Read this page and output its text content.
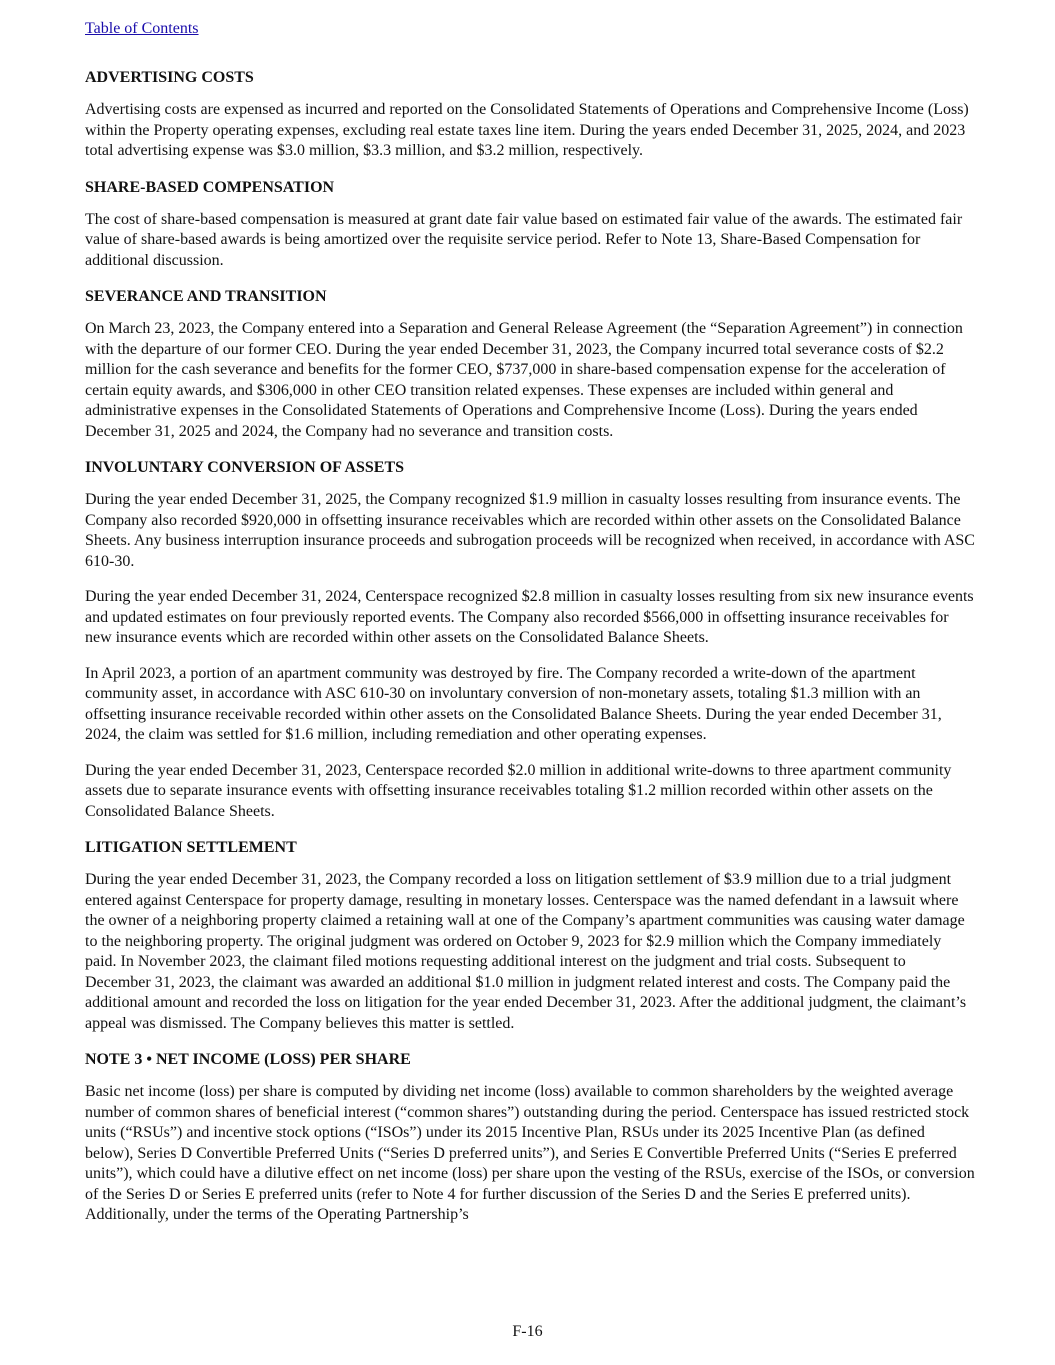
Table of Contents
ADVERTISING COSTS

Advertising costs are expensed as incurred and reported on the Consolidated Statements of Operations and Comprehensive Income (Loss) within the Property operating expenses, excluding real estate taxes line item. During the years ended December 31, 2025, 2024, and 2023 total advertising expense was $3.0 million, $3.3 million, and $3.2 million, respectively.

SHARE-BASED COMPENSATION

The cost of share-based compensation is measured at grant date fair value based on estimated fair value of the awards. The estimated fair value of share-based awards is being amortized over the requisite service period. Refer to Note 13, Share-Based Compensation for additional discussion.

SEVERANCE AND TRANSITION

On March 23, 2023, the Company entered into a Separation and General Release Agreement (the “Separation Agreement”) in connection with the departure of our former CEO. During the year ended December 31, 2023, the Company incurred total severance costs of $2.2 million for the cash severance and benefits for the former CEO, $737,000 in share-based compensation expense for the acceleration of certain equity awards, and $306,000 in other CEO transition related expenses. These expenses are included within general and administrative expenses in the Consolidated Statements of Operations and Comprehensive Income (Loss). During the years ended December 31, 2025 and 2024, the Company had no severance and transition costs.

INVOLUNTARY CONVERSION OF ASSETS

During the year ended December 31, 2025, the Company recognized $1.9 million in casualty losses resulting from insurance events. The Company also recorded $920,000 in offsetting insurance receivables which are recorded within other assets on the Consolidated Balance Sheets. Any business interruption insurance proceeds and subrogation proceeds will be recognized when received, in accordance with ASC 610-30.

During the year ended December 31, 2024, Centerspace recognized $2.8 million in casualty losses resulting from six new insurance events and updated estimates on four previously reported events. The Company also recorded $566,000 in offsetting insurance receivables for new insurance events which are recorded within other assets on the Consolidated Balance Sheets.

In April 2023, a portion of an apartment community was destroyed by fire. The Company recorded a write-down of the apartment community asset, in accordance with ASC 610-30 on involuntary conversion of non-monetary assets, totaling $1.3 million with an offsetting insurance receivable recorded within other assets on the Consolidated Balance Sheets. During the year ended December 31, 2024, the claim was settled for $1.6 million, including remediation and other operating expenses.

During the year ended December 31, 2023, Centerspace recorded $2.0 million in additional write-downs to three apartment community assets due to separate insurance events with offsetting insurance receivables totaling $1.2 million recorded within other assets on the Consolidated Balance Sheets.

LITIGATION SETTLEMENT

During the year ended December 31, 2023, the Company recorded a loss on litigation settlement of $3.9 million due to a trial judgment entered against Centerspace for property damage, resulting in monetary losses. Centerspace was the named defendant in a lawsuit where the owner of a neighboring property claimed a retaining wall at one of the Company’s apartment communities was causing water damage to the neighboring property. The original judgment was ordered on October 9, 2023 for $2.9 million which the Company immediately paid. In November 2023, the claimant filed motions requesting additional interest on the judgment and trial costs. Subsequent to December 31, 2023, the claimant was awarded an additional $1.0 million in judgment related interest and costs. The Company paid the additional amount and recorded the loss on litigation for the year ended December 31, 2023. After the additional judgment, the claimant’s appeal was dismissed. The Company believes this matter is settled.

NOTE 3 • NET INCOME (LOSS) PER SHARE

Basic net income (loss) per share is computed by dividing net income (loss) available to common shareholders by the weighted average number of common shares of beneficial interest (“common shares”) outstanding during the period. Centerspace has issued restricted stock units (“RSUs”) and incentive stock options (“ISOs”) under its 2015 Incentive Plan, RSUs under its 2025 Incentive Plan (as defined below), Series D Convertible Preferred Units (“Series D preferred units”), and Series E Convertible Preferred Units (“Series E preferred units”), which could have a dilutive effect on net income (loss) per share upon the vesting of the RSUs, exercise of the ISOs, or conversion of the Series D or Series E preferred units (refer to Note 4 for further discussion of the Series D and the Series E preferred units). Additionally, under the terms of the Operating Partnership’s

F-16
